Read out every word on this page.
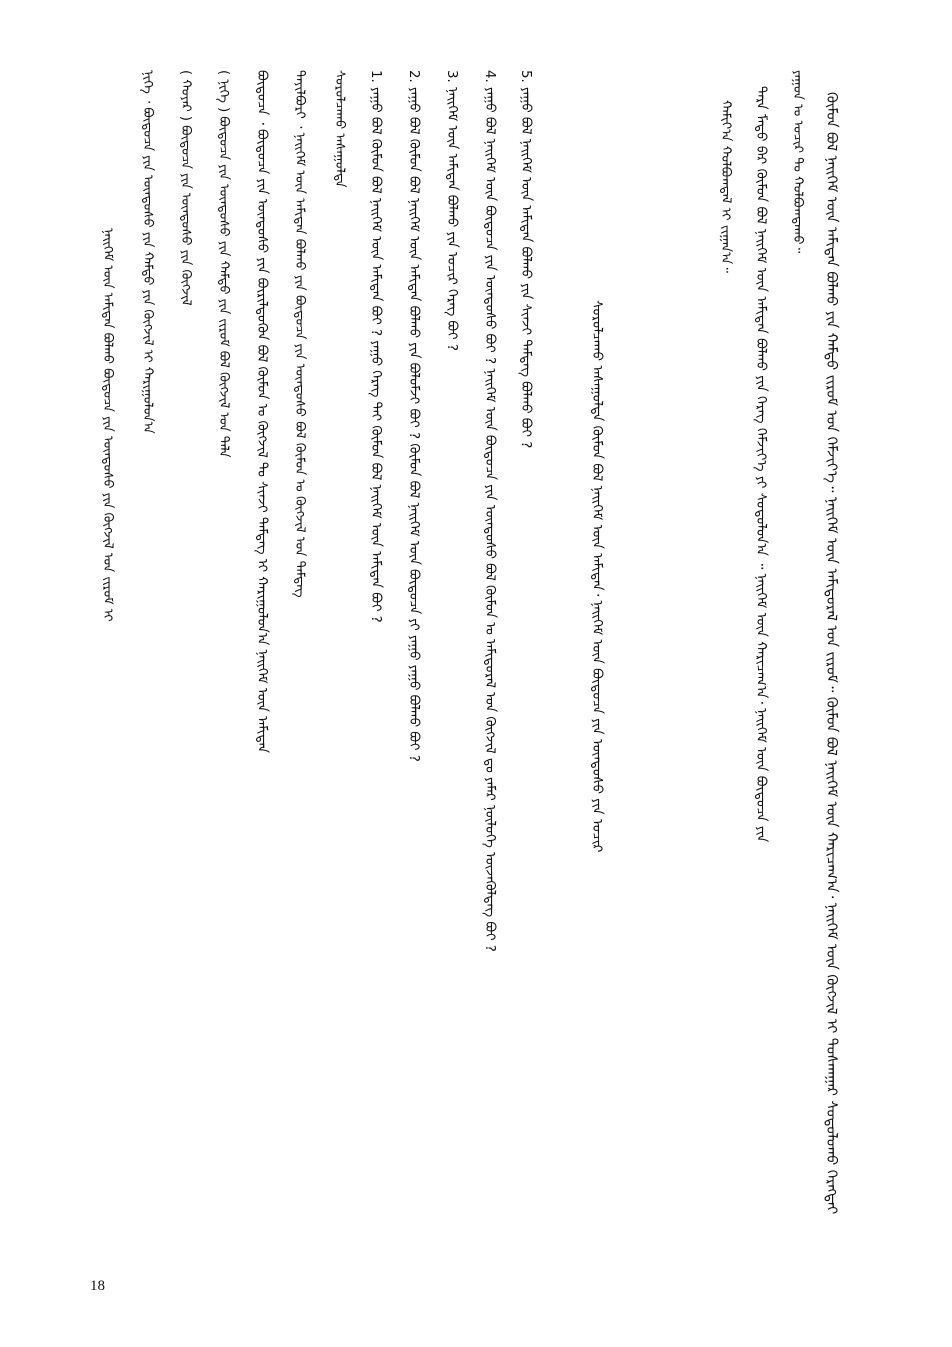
ᠬᠦᠮᠦᠨ ᠪᠣᠯ ᠨᠡᠢᠭᠡᠮ ᠦᠨ ᠠᠮᠢᠲᠠᠨ ᠪᠣᠯᠬᠣ ᠶᠢᠨ ᠬᠠᠮᠲᠤ ᠵᠢᠷᠤᠮ ᠤᠨ ᠬᠡᠮᠵᠢᠶ᠎ᠡ᠃ ᠨᠡᠢᠭᠡᠮ ᠦᠨ ᠠᠮᠢᠳᠤᠷᠠᠯ ᠤᠨ ᠵᠢᠷᠤᠮ᠃ ᠬᠦᠮᠦᠨ ᠪᠣᠯ ᠨᠡᠢᠭᠡᠮ ᠦᠨ ᠬᠠᠷᠢᠴᠠᠭ᠎ᠠ᠂ ᠨᠡᠢᠭᠡᠮ ᠦᠨ ᠬᠥᠭᠵᠢᠯ ᠢ ᠲᠤᠰᠬᠠᠭᠠᠷ ᠰᠣᠳᠤᠯᠤᠬᠤ ᠬᠡᠷᠡᠭᠲᠡᠢ
ᠶᠠᠭᠤᠨ ᠤ ᠤᠴᠢᠷ ᠲᠤ ᠬᠣᠯᠪᠣᠭᠳᠠᠬᠤ᠃
ᠲᠡᠷᠡ ᠮᠠᠲᠤ ᠪᠡᠷ ᠬᠦᠮᠦᠨ ᠪᠣᠯ ᠨᠡᠢᠭᠡᠮ ᠦᠨ ᠠᠮᠢᠲᠠᠨ ᠪᠣᠯᠬᠣ ᠶᠢᠨ ᠬᠡᠷᠡᠭ ᠬᠡᠮᠵᠢᠶ᠎ᠡ ᠶᠢ ᠰᠤᠳᠤᠯᠤᠨ᠎ᠠ ᠃ ᠨᠡᠢᠭᠡᠮ ᠦᠨ ᠬᠠᠷᠢᠴᠠᠭ᠎ᠠ᠂ ᠨᠡᠢᠭᠡᠮ ᠦᠨ ᠪᠦᠲᠦᠴᠡ ᠶᠢᠨ
ᠬᠠᠮᠢᠶ᠎ᠠ ᠬᠣᠯᠪᠣᠭᠳᠠᠯ ᠢ ᠵᠢᠭᠠᠨ᠎ᠠ᠃
ᠰᠤᠷᠤᠯᠴᠠᠬᠤ ᠠᠰᠠᠭᠤᠯᠲᠠ ᠬᠦᠮᠦᠨ ᠪᠣᠯ ᠨᠡᠢᠭᠡᠮ ᠦᠨ ᠠᠮᠢᠲᠠᠨ᠂ ᠨᠡᠢᠭᠡᠮ ᠦᠨ ᠪᠦᠲᠦᠴᠡ ᠶᠢᠨ ᠦᠨᠳᠦᠰᠦ ᠶᠢᠨ ᠤᠴᠢᠷ
5. ᠶᠠᠭᠤ ᠪᠣᠯ ᠨᠡᠢᠭᠡᠮ ᠦᠨ ᠠᠮᠢᠲᠠᠨ ᠪᠣᠯᠬᠣ ᠶᠢᠨ ᠰᠢᠨᠵᠢ ᠲᠡᠮᠳᠡᠭ ᠪᠣᠯᠬᠣ ᠪᠤᠢ ?
4. ᠶᠠᠭᠤ ᠪᠣᠯ ᠨᠡᠢᠭᠡᠮ ᠦᠨ ᠪᠦᠲᠦᠴᠡ ᠶᠢᠨ ᠦᠨᠳᠦᠰᠦ ᠪᠤᠢ ? ᠨᠡᠢᠭᠡᠮ ᠦᠨ ᠪᠦᠲᠦᠴᠡ ᠶᠢᠨ ᠦᠨᠳᠦᠰᠦ ᠪᠣᠯ ᠬᠦᠮᠦᠨ ᠤ ᠠᠮᠢᠳᠤᠷᠠᠯ ᠤᠨ ᠬᠥᠭᠵᠢᠯ ᠳᠤ ᠶᠠᠮᠠᠷ ᠨᠥᠯᠦᠭᠡ ᠦᠵᠡᠭᠦᠯᠳᠡᠭ ᠪᠤᠢ ?
3. ᠨᠡᠢᠭᠡᠮ ᠦᠨ ᠠᠮᠢᠲᠠᠨ ᠪᠣᠯᠬᠣ ᠶᠢᠨ ᠤᠴᠢᠷ ᠬᠡᠷᠡᠭ ᠪᠤᠢ ?
2. ᠶᠠᠭᠤ ᠪᠣᠯ ᠬᠦᠮᠦᠨ ᠪᠣᠯ ᠨᠡᠢᠭᠡᠮ ᠦᠨ ᠠᠮᠢᠲᠠᠨ ᠪᠣᠯᠬᠣ ᠶᠢᠨ ᠪᠣᠯᠤᠮᠵᠢ ᠪᠤᠢ ? ᠬᠦᠮᠦᠨ ᠪᠣᠯ ᠨᠡᠢᠭᠡᠮ ᠦᠨ ᠪᠦᠲᠦᠴᠡ ᠶᠢ ᠶᠠᠭᠤ ᠶᠠᠭᠤ ᠪᠣᠯᠬᠣ ᠪᠤᠢ ?
1. ᠶᠠᠭᠤ ᠪᠣᠯ ᠬᠦᠮᠦᠨ ᠪᠣᠯ ᠨᠡᠢᠭᠡᠮ ᠦᠨ ᠠᠮᠢᠲᠠᠨ ᠪᠤᠢ ? ᠶᠠᠭᠤ ᠬᠡᠷᠡᠭ ᠲᠡᠢ ᠬᠦᠮᠦᠨ ᠪᠣᠯ ᠨᠡᠢᠭᠡᠮ ᠦᠨ ᠠᠮᠢᠲᠠᠨ ᠪᠤᠢ ?
ᠰᠤᠷᠤᠯᠴᠠᠬᠤ ᠠᠰᠠᠭᠤᠯᠲᠠ
ᠲᠠᠶᠢᠯᠪᠤᠷᠢ ᠂ ᠨᠡᠢᠭᠡᠮ ᠦᠨ ᠠᠮᠢᠲᠠᠨ ᠪᠣᠯᠬᠣ ᠶᠢᠨ ᠪᠦᠲᠦᠴᠡ ᠶᠢᠨ ᠦᠨᠳᠦᠰᠦ ᠪᠣᠯ ᠬᠦᠮᠦᠨ ᠤ ᠬᠥᠭᠵᠢᠯ ᠤᠨ ᠲᠡᠮᠳᠡᠭ
ᠪᠦᠲᠦᠴᠡ ᠂ ᠪᠦᠲᠦᠴᠡ ᠶᠢᠨ ᠦᠨᠳᠦᠰᠦ ᠶᠢᠨ ᠪᠦᠷᠢᠯᠳᠦᠭᠦᠨ ᠪᠣᠯ ᠬᠦᠮᠦᠨ ᠤ ᠬᠥᠭᠵᠢᠯ ᠲᠤ ᠰᠢᠨᠵᠢ ᠲᠡᠮᠳᠡᠭ ᠢ ᠬᠠᠷᠢᠭᠤᠯᠤᠨ᠎ᠠ ᠨᠡᠢᠭᠡᠮ ᠦᠨ ᠠᠮᠢᠲᠠᠨ
( ᠨᠢᠭᠡ ) ᠪᠦᠲᠦᠴᠡ ᠶᠢᠨ ᠦᠨᠳᠦᠰᠦ ᠶᠢᠨ ᠬᠠᠮᠲᠤ ᠶᠢᠨ ᠵᠢᠷᠤᠮ ᠪᠣᠯ ᠬᠥᠭᠵᠢᠯ ᠤᠨ ᠲᠠᠯᠠ
( ᠬᠣᠶᠠᠷ ) ᠪᠦᠲᠦᠴᠡ ᠶᠢᠨ ᠦᠨᠳᠦᠰᠦ ᠶᠢᠨ ᠬᠥᠭᠵᠢᠯ
ᠨᠢᠭᠡ ᠂ ᠪᠦᠲᠦᠴᠡ ᠶᠢᠨ ᠦᠨᠳᠦᠰᠦ ᠶᠢᠨ ᠬᠠᠮᠲᠤ ᠶᠢᠨ ᠬᠥᠭᠵᠢᠯ ᠢ ᠬᠠᠷᠢᠭᠤᠯᠤᠨ᠎ᠠ
ᠨᠡᠢᠭᠡᠮ ᠦᠨ ᠠᠮᠢᠲᠠᠨ ᠪᠣᠯᠬᠣ ᠪᠦᠲᠦᠴᠡ ᠶᠢᠨ ᠦᠨᠳᠦᠰᠦ ᠶᠢᠨ ᠬᠥᠭᠵᠢᠯ ᠤᠨ ᠵᠢᠷᠤᠮ ᠢ
18
